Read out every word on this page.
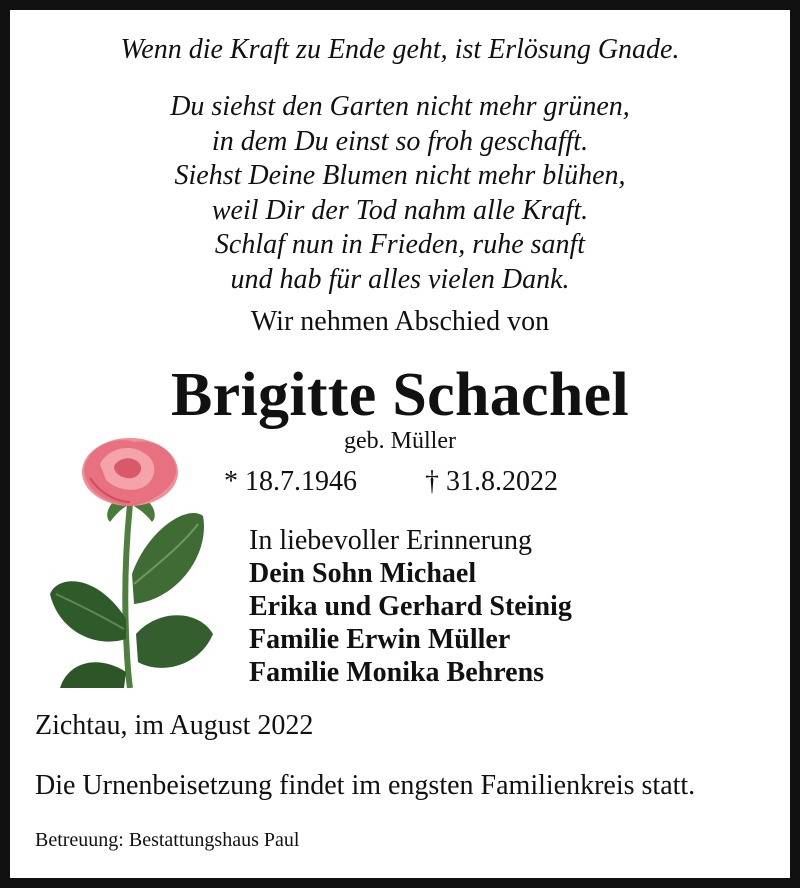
Wenn die Kraft zu Ende geht, ist Erlösung Gnade.
Du siehst den Garten nicht mehr grünen,
in dem Du einst so froh geschafft.
Siehst Deine Blumen nicht mehr blühen,
weil Dir der Tod nahm alle Kraft.
Schlaf nun in Frieden, ruhe sanft
und hab für alles vielen Dank.
Wir nehmen Abschied von
Brigitte Schachel
geb. Müller
* 18.7.1946 † 31.8.2022
In liebevoller Erinnerung
Dein Sohn Michael
Erika und Gerhard Steinig
Familie Erwin Müller
Familie Monika Behrens
Zichtau, im August 2022
Die Urnenbeisetzung findet im engsten Familienkreis statt.
Betreuung: Bestattungshaus Paul
